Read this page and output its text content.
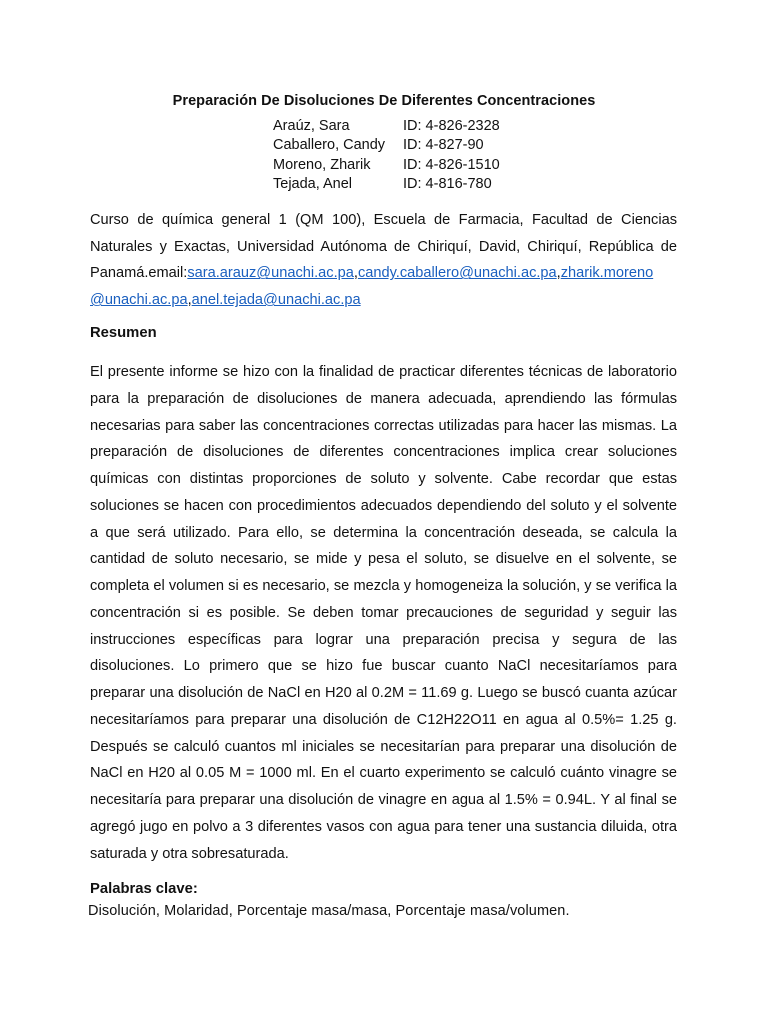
Preparación De Disoluciones De Diferentes Concentraciones
Araúz, Sara	ID: 4-826-2328
Caballero, Candy	ID: 4-827-90
Moreno, Zharik	ID: 4-826-1510
Tejada, Anel	ID: 4-816-780
Curso de química general 1 (QM 100), Escuela de Farmacia, Facultad de Ciencias Naturales y Exactas, Universidad Autónoma de Chiriquí, David, Chiriquí, República de Panamá.email:sara.arauz@unachi.ac.pa,candy.caballero@unachi.ac.pa,zharik.moreno @unachi.ac.pa,anel.tejada@unachi.ac.pa
Resumen

El presente informe se hizo con la finalidad de practicar diferentes técnicas de laboratorio para la preparación de disoluciones de manera adecuada, aprendiendo las fórmulas necesarias para saber las concentraciones correctas utilizadas para hacer las mismas. La preparación de disoluciones de diferentes concentraciones implica crear soluciones químicas con distintas proporciones de soluto y solvente. Cabe recordar que estas soluciones se hacen con procedimientos adecuados dependiendo del soluto y el solvente a que será utilizado. Para ello, se determina la concentración deseada, se calcula la cantidad de soluto necesario, se mide y pesa el soluto, se disuelve en el solvente, se completa el volumen si es necesario, se mezcla y homogeneiza la solución, y se verifica la concentración si es posible. Se deben tomar precauciones de seguridad y seguir las instrucciones específicas para lograr una preparación precisa y segura de las disoluciones. Lo primero que se hizo fue buscar cuanto NaCl necesitaríamos para preparar una disolución de NaCl en H20 al 0.2M = 11.69 g. Luego se buscó cuanta azúcar necesitaríamos para preparar una disolución de C12H22O11 en agua al 0.5%= 1.25 g. Después se calculó cuantos ml iniciales se necesitarían para preparar una disolución de NaCl en H20 al 0.05 M = 1000 ml. En el cuarto experimento se calculó cuánto vinagre se necesitaría para preparar una disolución de vinagre en agua al 1.5% = 0.94L. Y al final se agregó jugo en polvo a 3 diferentes vasos con agua para tener una sustancia diluida, otra saturada y otra sobresaturada.

Palabras clave:
Disolución, Molaridad, Porcentaje masa/masa, Porcentaje masa/volumen.
